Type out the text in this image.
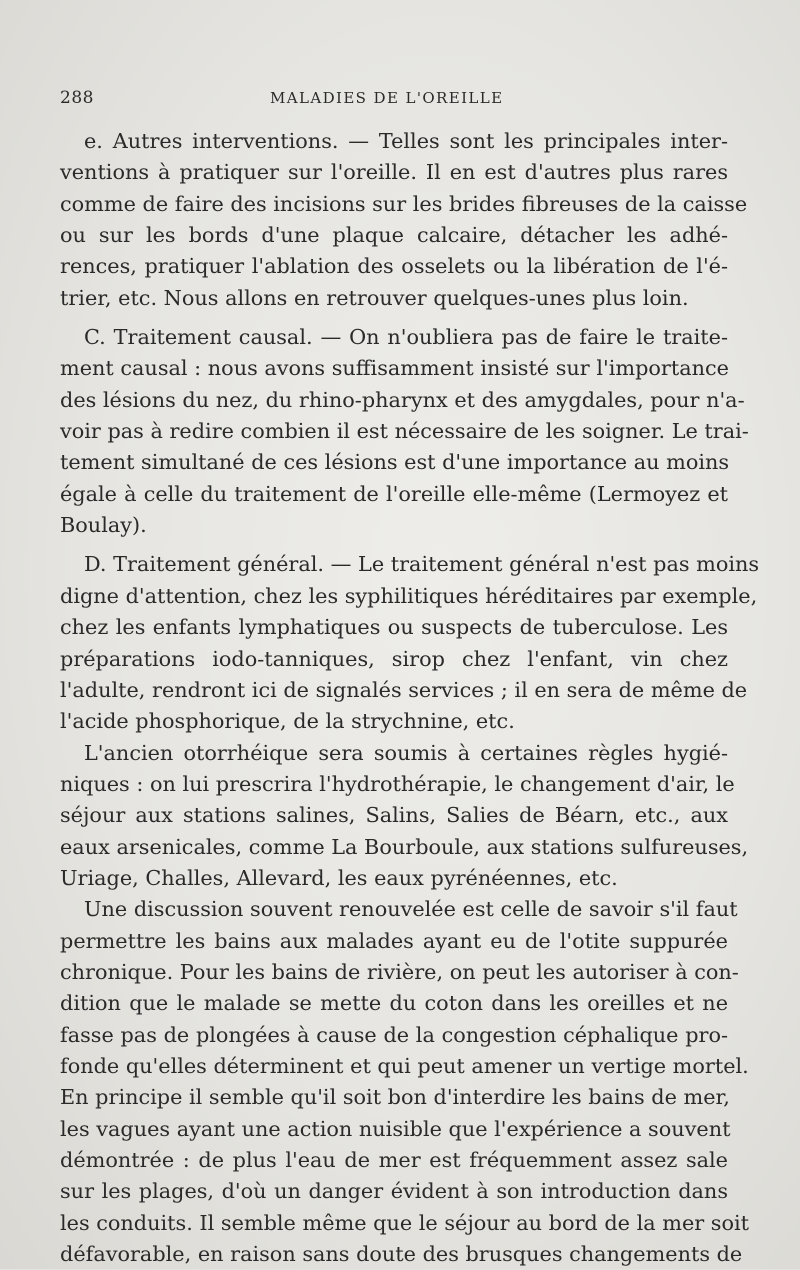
288	MALADIES DE L'OREILLE
e. Autres interventions. — Telles sont les principales inter-
ventions à pratiquer sur l'oreille. Il en est d'autres plus rares
comme de faire des incisions sur les brides fibreuses de la caisse
ou sur les bords d'une plaque calcaire, détacher les adhé-
rences, pratiquer l'ablation des osselets ou la libération de l'é-
trier, etc. Nous allons en retrouver quelques-unes plus loin.
C. Traitement causal. — On n'oubliera pas de faire le traite-
ment causal : nous avons suffisamment insisté sur l'importance
des lésions du nez, du rhino-pharynx et des amygdales, pour n'a-
voir pas à redire combien il est nécessaire de les soigner. Le trai-
tement simultané de ces lésions est d'une importance au moins
égale à celle du traitement de l'oreille elle-même (Lermoyez et
Boulay).
D. Traitement général. — Le traitement général n'est pas moins
digne d'attention, chez les syphilitiques héréditaires par exemple,
chez les enfants lymphatiques ou suspects de tuberculose. Les
préparations iodo-tanniques, sirop chez l'enfant, vin chez
l'adulte, rendront ici de signalés services ; il en sera de même de
l'acide phosphorique, de la strychnine, etc.
L'ancien otorrhéique sera soumis à certaines règles hygié-
niques : on lui prescrira l'hydrothérapie, le changement d'air, le
séjour aux stations salines, Salins, Salies de Béarn, etc., aux
eaux arsenicales, comme La Bourboule, aux stations sulfureuses,
Uriage, Challes, Allevard, les eaux pyrénéennes, etc.
Une discussion souvent renouvelée est celle de savoir s'il faut
permettre les bains aux malades ayant eu de l'otite suppurée
chronique. Pour les bains de rivière, on peut les autoriser à con-
dition que le malade se mette du coton dans les oreilles et ne
fasse pas de plongées à cause de la congestion céphalique pro-
fonde qu'elles déterminent et qui peut amener un vertige mortel.
En principe il semble qu'il soit bon d'interdire les bains de mer,
les vagues ayant une action nuisible que l'expérience a souvent
démontrée : de plus l'eau de mer est fréquemment assez sale
sur les plages, d'où un danger évident à son introduction dans
les conduits. Il semble même que le séjour au bord de la mer soit
défavorable, en raison sans doute des brusques changements de
